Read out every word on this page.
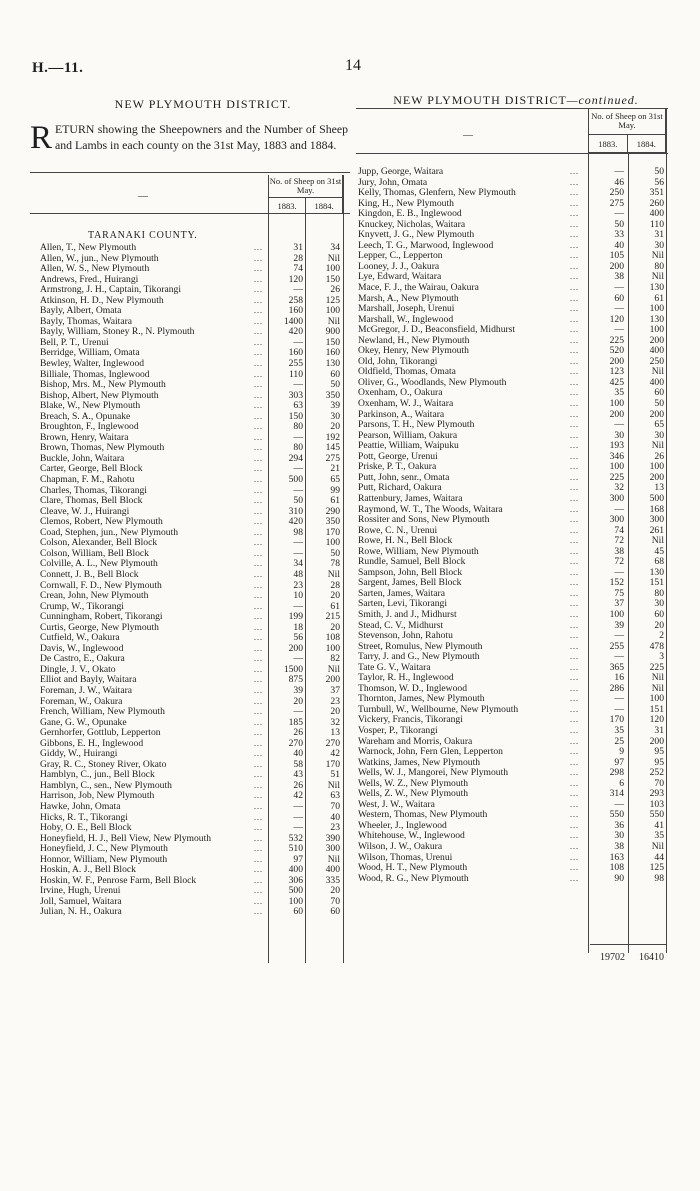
H.—11.	14
NEW PLYMOUTH DISTRICT.
R ETURN showing the Sheepowners and the Number of Sheep and Lambs in each county on the 31st May, 1883 and 1884.
—
No. of Sheep on 31st May.
1883.	1884.
TARANAKI COUNTY.
Allen, T., New Plymouth	...	31	34
Allen, W., jun., New Plymouth	...	28	Nil
Allen, W. S., New Plymouth	...	74	100
Andrews, Fred., Huirangi	...	120	150
Armstrong, J. H., Captain, Tikorangi	...	—	26
Atkinson, H. D., New Plymouth	...	258	125
Bayly, Albert, Omata	...	160	100
Bayly, Thomas, Waitara	...	1400	Nil
Bayly, William, Stoney R., N. Plymouth	...	420	900
Bell, P. T., Urenui	...	—	150
Berridge, William, Omata	...	160	160
Bewley, Walter, Inglewood	...	255	130
Billiale, Thomas, Inglewood	...	110	60
Bishop, Mrs. M., New Plymouth	...	—	50
Bishop, Albert, New Plymouth	...	303	350
Blake, W., New Plymouth	...	63	39
Breach, S. A., Opunake	...	150	30
Broughton, F., Inglewood	...	80	20
Brown, Henry, Waitara	...	—	192
Brown, Thomas, New Plymouth	...	80	145
Buckle, John, Waitara	...	294	275
Carter, George, Bell Block	...	—	21
Chapman, F. M., Rahotu	...	500	65
Charles, Thomas, Tikorangi	...	—	99
Clare, Thomas, Bell Block	...	50	61
Cleave, W. J., Huirangi	...	310	290
Clemos, Robert, New Plymouth	...	420	350
Coad, Stephen, jun., New Plymouth	...	98	170
Colson, Alexander, Bell Block	...	—	100
Colson, William, Bell Block	...	—	50
Colville, A. L., New Plymouth	...	34	78
Connett, J. B., Bell Block	...	48	Nil
Cornwall, F. D., New Plymouth	...	23	28
Crean, John, New Plymouth	...	10	20
Crump, W., Tikorangi	...	—	61
Cunningham, Robert, Tikorangi	...	199	215
Curtis, George, New Plymouth	...	18	20
Cutfield, W., Oakura	...	56	108
Davis, W., Inglewood	...	200	100
De Castro, E., Oakura	...	—	82
Dingle, J. V., Okato	...	1500	Nil
Elliot and Bayly, Waitara	...	875	200
Foreman, J. W., Waitara	...	39	37
Foreman, W., Oakura	...	20	23
French, William, New Plymouth	...	—	20
Gane, G. W., Opunake	...	185	32
Gernhorfer, Gottlub, Lepperton	...	26	13
Gibbons, E. H., Inglewood	...	270	270
Giddy, W., Huirangi	...	40	42
Gray, R. C., Stoney River, Okato	...	58	170
Hamblyn, C., jun., Bell Block	...	43	51
Hamblyn, C., sen., New Plymouth	...	26	Nil
Harrison, Job, New Plymouth	...	42	63
Hawke, John, Omata	...	—	70
Hicks, R. T., Tikorangi	...	—	40
Hoby, O. E., Bell Block	...	—	23
Honeyfield, H. J., Bell View, New Plymouth	...	532	390
Honeyfield, J. C., New Plymouth	...	510	300
Honnor, William, New Plymouth	...	97	Nil
Hoskin, A. J., Bell Block	...	400	400
Hoskin, W. F., Penrose Farm, Bell Block	...	306	335
Irvine, Hugh, Urenui	...	500	20
Joll, Samuel, Waitara	...	100	70
Julian, N. H., Oakura	...	60	60
NEW PLYMOUTH DISTRICT—continued.
—
No. of Sheep on 31st May.
1883.	1884.
Jupp, George, Waitara	...	—	50
Jury, John, Omata	...	46	56
Kelly, Thomas, Glenfern, New Plymouth	...	250	351
King, H., New Plymouth	...	275	260
Kingdon, E. B., Inglewood	...	—	400
Knuckey, Nicholas, Waitara	...	50	110
Knyvett, J. G., New Plymouth	...	33	31
Leech, T. G., Marwood, Inglewood	...	40	30
Lepper, C., Lepperton	...	105	Nil
Looney, J. J., Oakura	...	200	80
Lye, Edward, Waitara	...	38	Nil
Mace, F. J., the Wairau, Oakura	...	—	130
Marsh, A., New Plymouth	...	60	61
Marshall, Joseph, Urenui	...	—	100
Marshall, W., Inglewood	...	120	130
McGregor, J. D., Beaconsfield, Midhurst	...	—	100
Newland, H., New Plymouth	...	225	200
Okey, Henry, New Plymouth	...	520	400
Old, John, Tikorangi	...	200	250
Oldfield, Thomas, Omata	...	123	Nil
Oliver, G., Woodlands, New Plymouth	...	425	400
Oxenham, O., Oakura	...	35	60
Oxenham, W. J., Waitara	...	100	50
Parkinson, A., Waitara	...	200	200
Parsons, T. H., New Plymouth	...	—	65
Pearson, William, Oakura	...	30	30
Peattie, William, Waipuku	...	193	Nil
Pott, George, Urenui	...	346	26
Priske, P. T., Oakura	...	100	100
Putt, John, senr., Omata	...	225	200
Putt, Richard, Oakura	...	32	13
Rattenbury, James, Waitara	...	300	500
Raymond, W. T., The Woods, Waitara	...	—	168
Rossiter and Sons, New Plymouth	...	300	300
Rowe, C. N., Urenui	...	74	261
Rowe, H. N., Bell Block	...	72	Nil
Rowe, William, New Plymouth	...	38	45
Rundle, Samuel, Bell Block	...	72	68
Sampson, John, Bell Block	...	—	130
Sargent, James, Bell Block	...	152	151
Sarten, James, Waitara	...	75	80
Sarten, Levi, Tikorangi	...	37	30
Smith, J. and J., Midhurst	...	100	60
Stead, C. V., Midhurst	...	39	20
Stevenson, John, Rahotu	...	—	2
Street, Romulus, New Plymouth	...	255	478
Tarry, J. and G., New Plymouth	...	—	3
Tate G. V., Waitara	...	365	225
Taylor, R. H., Inglewood	...	16	Nil
Thomson, W. D., Inglewood	...	286	Nil
Thornton, James, New Plymouth	...	—	100
Turnbull, W., Wellbourne, New Plymouth	...	—	151
Vickery, Francis, Tikorangi	...	170	120
Vosper, P., Tikorangi	...	35	31
Wareham and Morris, Oakura	...	25	200
Warnock, John, Fern Glen, Lepperton	...	9	95
Watkins, James, New Plymouth	...	97	95
Wells, W. J., Mangorei, New Plymouth	...	298	252
Wells, W. Z., New Plymouth	...	6	70
Wells, Z. W., New Plymouth	...	314	293
West, J. W., Waitara	...	—	103
Western, Thomas, New Plymouth	...	550	550
Wheeler, J., Inglewood	...	36	41
Whitehouse, W., Inglewood	...	30	35
Wilson, J. W., Oakura	...	38	Nil
Wilson, Thomas, Urenui	...	163	44
Wood, H. T., New Plymouth	...	108	125
Wood, R. G., New Plymouth	...	90	98
19702	16410
